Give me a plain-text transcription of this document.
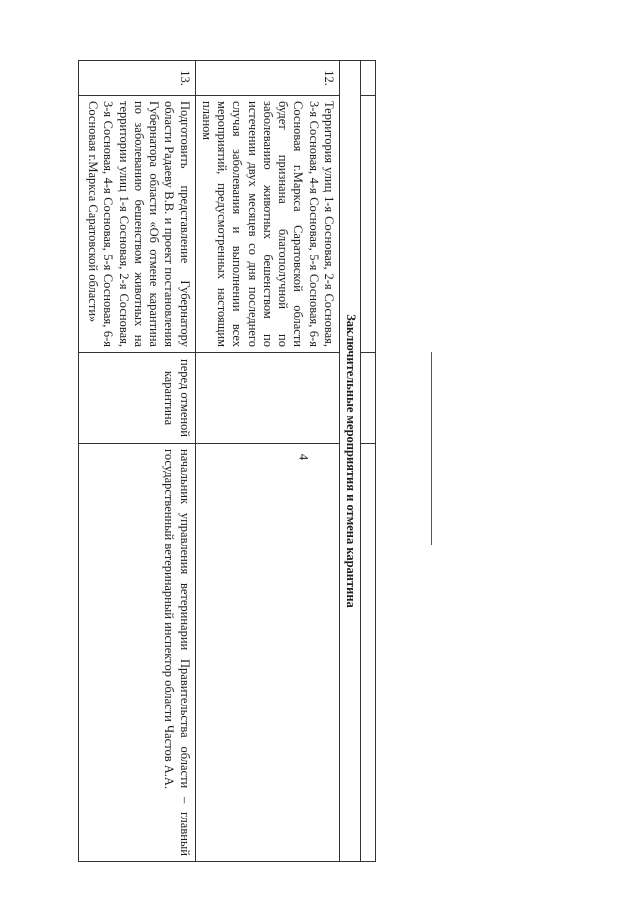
4
				Заключительные мероприятия и отмена карантина			
12.	Территория улиц 1-я Сосновая, 2-я Сосновая, 3-я Сосновая, 4-я Сосновая, 5-я Сосновая, 6-я Сосновая г.Маркса Саратовской области будет признана благополучной по заболеванию животных бешенством по истечении двух месяцев со дня последнего случая заболевания и выполнении всех мероприятий, предусмотренных настоящим планом		
13.	Подготовить представление Губернатору области Радаеву В.В. и проект постановления Губернатора области «Об отмене карантина по заболеванию бешенством животных на территории улиц 1-я Сосновая, 2-я Сосновая, 3-я Сосновая, 4-я Сосновая, 5-я Сосновая, 6-я Сосновая г.Маркса Саратовской области»	перед отменой карантина	начальник управления ветеринарии Правительства области – главный государственный ветеринарный инспектор области Частов А.А.
